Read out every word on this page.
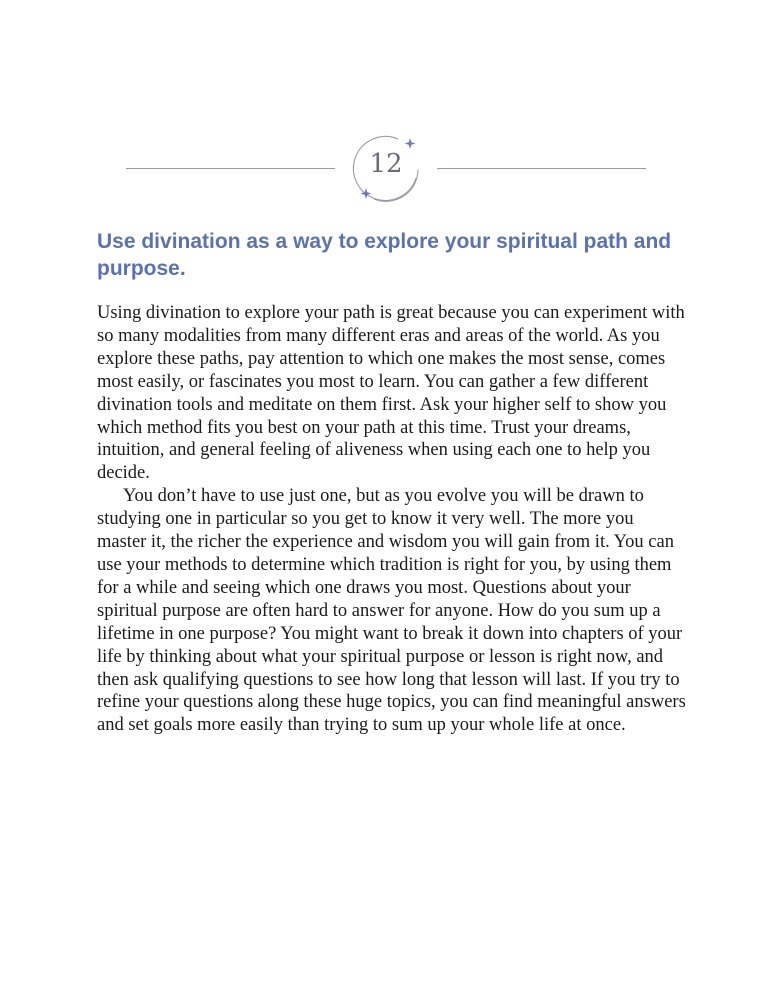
12
Use divination as a way to explore your spiritual path and purpose.

Using divination to explore your path is great because you can experiment with so many modalities from many different eras and areas of the world. As you explore these paths, pay attention to which one makes the most sense, comes most easily, or fascinates you most to learn. You can gather a few different divination tools and meditate on them first. Ask your higher self to show you which method fits you best on your path at this time. Trust your dreams, intuition, and general feeling of aliveness when using each one to help you decide.

You don’t have to use just one, but as you evolve you will be drawn to studying one in particular so you get to know it very well. The more you master it, the richer the experience and wisdom you will gain from it. You can use your methods to determine which tradition is right for you, by using them for a while and seeing which one draws you most. Questions about your spiritual purpose are often hard to answer for anyone. How do you sum up a lifetime in one purpose? You might want to break it down into chapters of your life by thinking about what your spiritual purpose or lesson is right now, and then ask qualifying questions to see how long that lesson will last. If you try to refine your questions along these huge topics, you can find meaningful answers and set goals more easily than trying to sum up your whole life at once.
